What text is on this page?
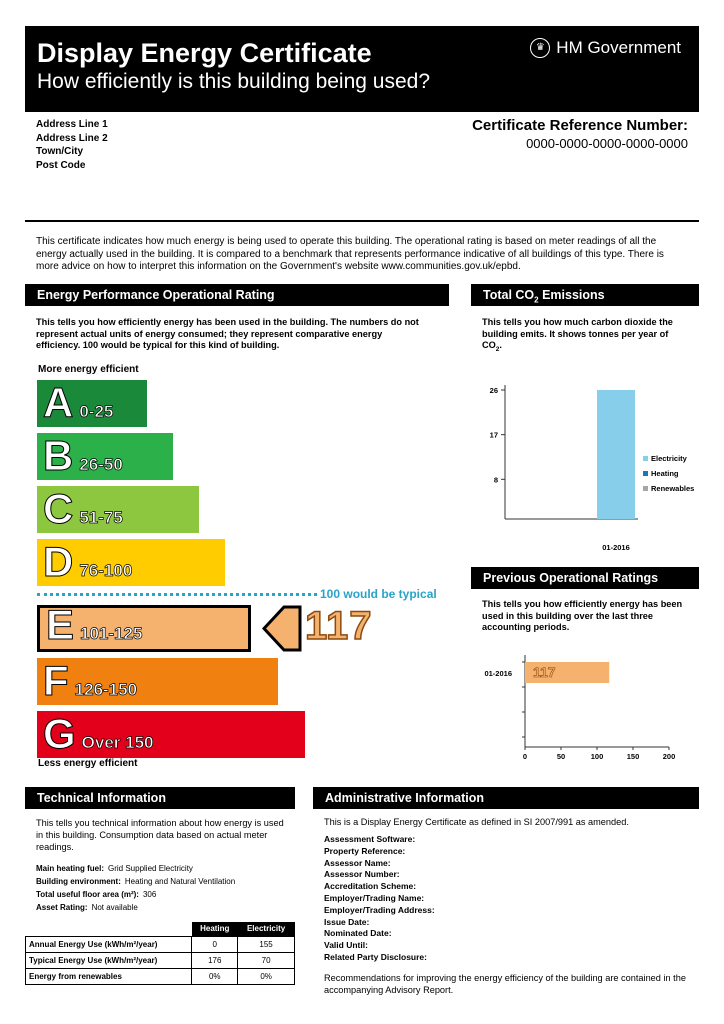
Display Energy Certificate
How efficiently is this building being used?
♛ HM Government
Address Line 1
Address Line 2
Town/City
Post Code
Certificate Reference Number:
0000-0000-0000-0000-0000
This certificate indicates how much energy is being used to operate this building. The operational rating is based on meter readings of all the energy actually used in the building. It is compared to a benchmark that represents performance indicative of all buildings of this type. There is more advice on how to interpret this information on the Government's website www.communities.gov.uk/epbd.
Energy Performance Operational Rating
This tells you how efficiently energy has been used in the building. The numbers do not represent actual units of energy consumed; they represent comparative energy efficiency. 100 would be typical for this kind of building.
More energy efficient
A 0-25
B 26-50
C 51-75
D 76-100
E 101-125
F 126-150
G Over 150
100 would be typical
117
Less energy efficient
Total $CO_2$ Emissions
This tells you how much carbon dioxide the building emits. It shows tonnes per year of $CO_2$.
8
17
26
01-2016
Electricity
Heating
Renewables
Previous Operational Ratings
This tells you how efficiently energy has been used in this building over the last three accounting periods.
0	50	100	150	200
01-2016 117
Technical Information
This tells you technical information about how energy is used in this building. Consumption data based on actual meter readings.
Main heating fuel: Grid Supplied Electricity
Building environment: Heating and Natural Ventilation
Total useful floor area (m²): 306
Asset Rating: Not available
	Heating	Electricity
Annual Energy Use (kWh/m²/year)	0	155
Typical Energy Use (kWh/m²/year)	176	70
Energy from renewables	0%	0%
Administrative Information
This is a Display Energy Certificate as defined in SI 2007/991 as amended.
Assessment Software:
Property Reference:
Assessor Name:
Assessor Number:
Accreditation Scheme:
Employer/Trading Name:
Employer/Trading Address:
Issue Date:
Nominated Date:
Valid Until:
Related Party Disclosure:
Recommendations for improving the energy efficiency of the building are contained in the accompanying Advisory Report.
